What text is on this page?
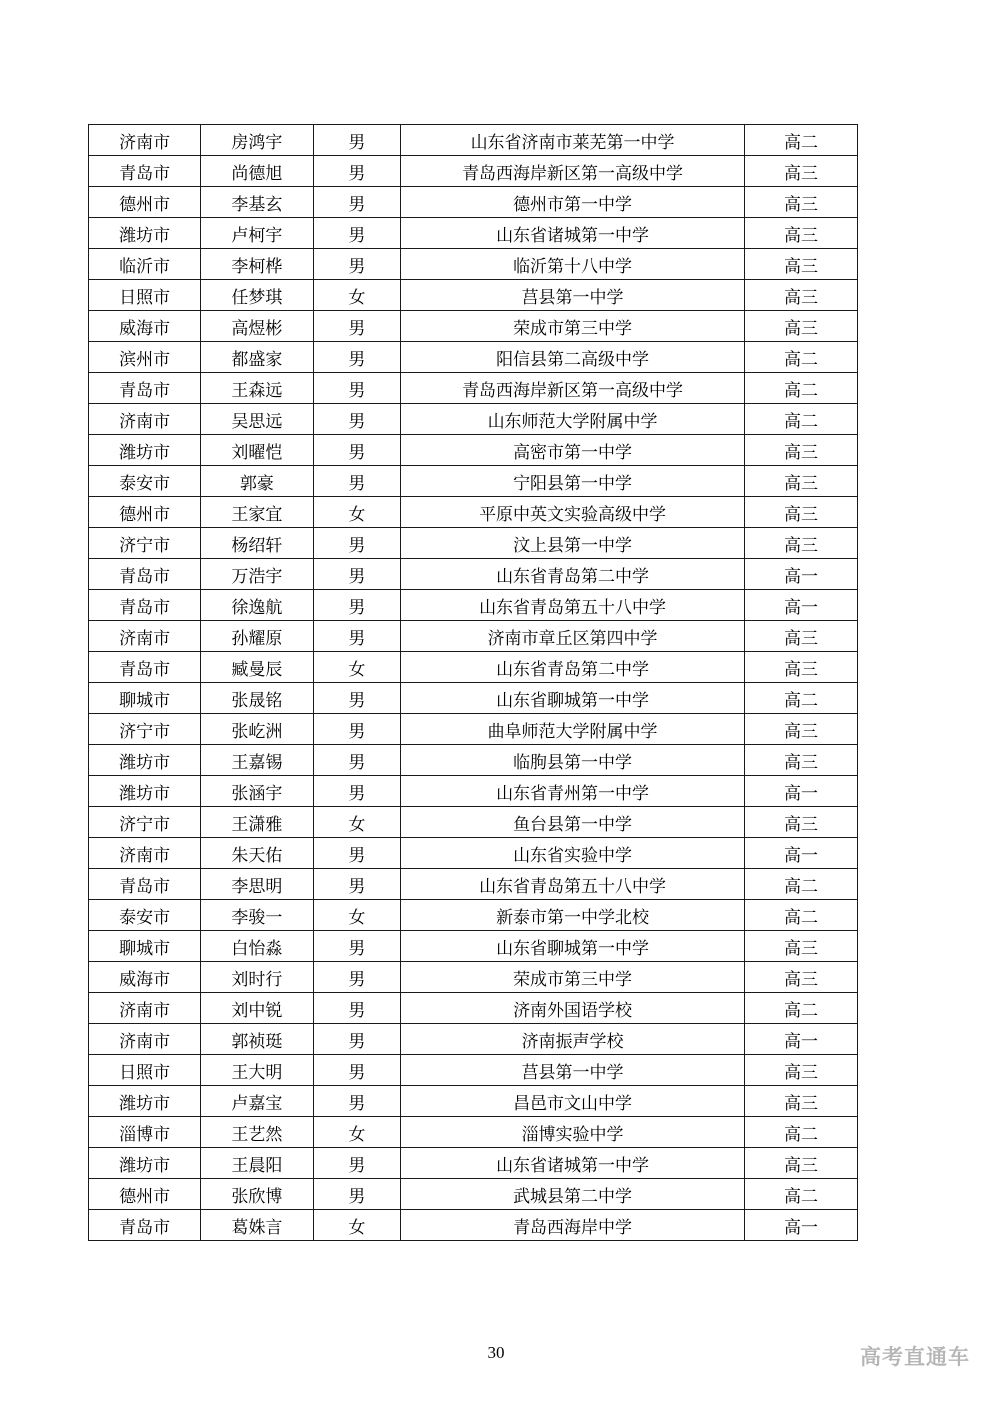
济南市	房鸿宇	男	山东省济南市莱芜第一中学	高二
青岛市	尚德旭	男	青岛西海岸新区第一高级中学	高三
德州市	李基玄	男	德州市第一中学	高三
潍坊市	卢柯宇	男	山东省诸城第一中学	高三
临沂市	李柯桦	男	临沂第十八中学	高三
日照市	任梦琪	女	莒县第一中学	高三
威海市	高煜彬	男	荣成市第三中学	高三
滨州市	都盛家	男	阳信县第二高级中学	高二
青岛市	王森远	男	青岛西海岸新区第一高级中学	高二
济南市	吴思远	男	山东师范大学附属中学	高二
潍坊市	刘曜恺	男	高密市第一中学	高三
泰安市	郭豪	男	宁阳县第一中学	高三
德州市	王家宜	女	平原中英文实验高级中学	高三
济宁市	杨绍轩	男	汶上县第一中学	高三
青岛市	万浩宇	男	山东省青岛第二中学	高一
青岛市	徐逸航	男	山东省青岛第五十八中学	高一
济南市	孙耀原	男	济南市章丘区第四中学	高三
青岛市	臧曼辰	女	山东省青岛第二中学	高三
聊城市	张晟铭	男	山东省聊城第一中学	高二
济宁市	张屹洲	男	曲阜师范大学附属中学	高三
潍坊市	王嘉锡	男	临朐县第一中学	高三
潍坊市	张涵宇	男	山东省青州第一中学	高一
济宁市	王潇雅	女	鱼台县第一中学	高三
济南市	朱天佑	男	山东省实验中学	高一
青岛市	李思明	男	山东省青岛第五十八中学	高二
泰安市	李骏一	女	新泰市第一中学北校	高二
聊城市	白怡淼	男	山东省聊城第一中学	高三
威海市	刘时行	男	荣成市第三中学	高三
济南市	刘中锐	男	济南外国语学校	高二
济南市	郭祯珽	男	济南振声学校	高一
日照市	王大明	男	莒县第一中学	高三
潍坊市	卢嘉宝	男	昌邑市文山中学	高三
淄博市	王艺然	女	淄博实验中学	高二
潍坊市	王晨阳	男	山东省诸城第一中学	高三
德州市	张欣博	男	武城县第二中学	高二
青岛市	葛姝言	女	青岛西海岸中学	高一
30	高考直通车
